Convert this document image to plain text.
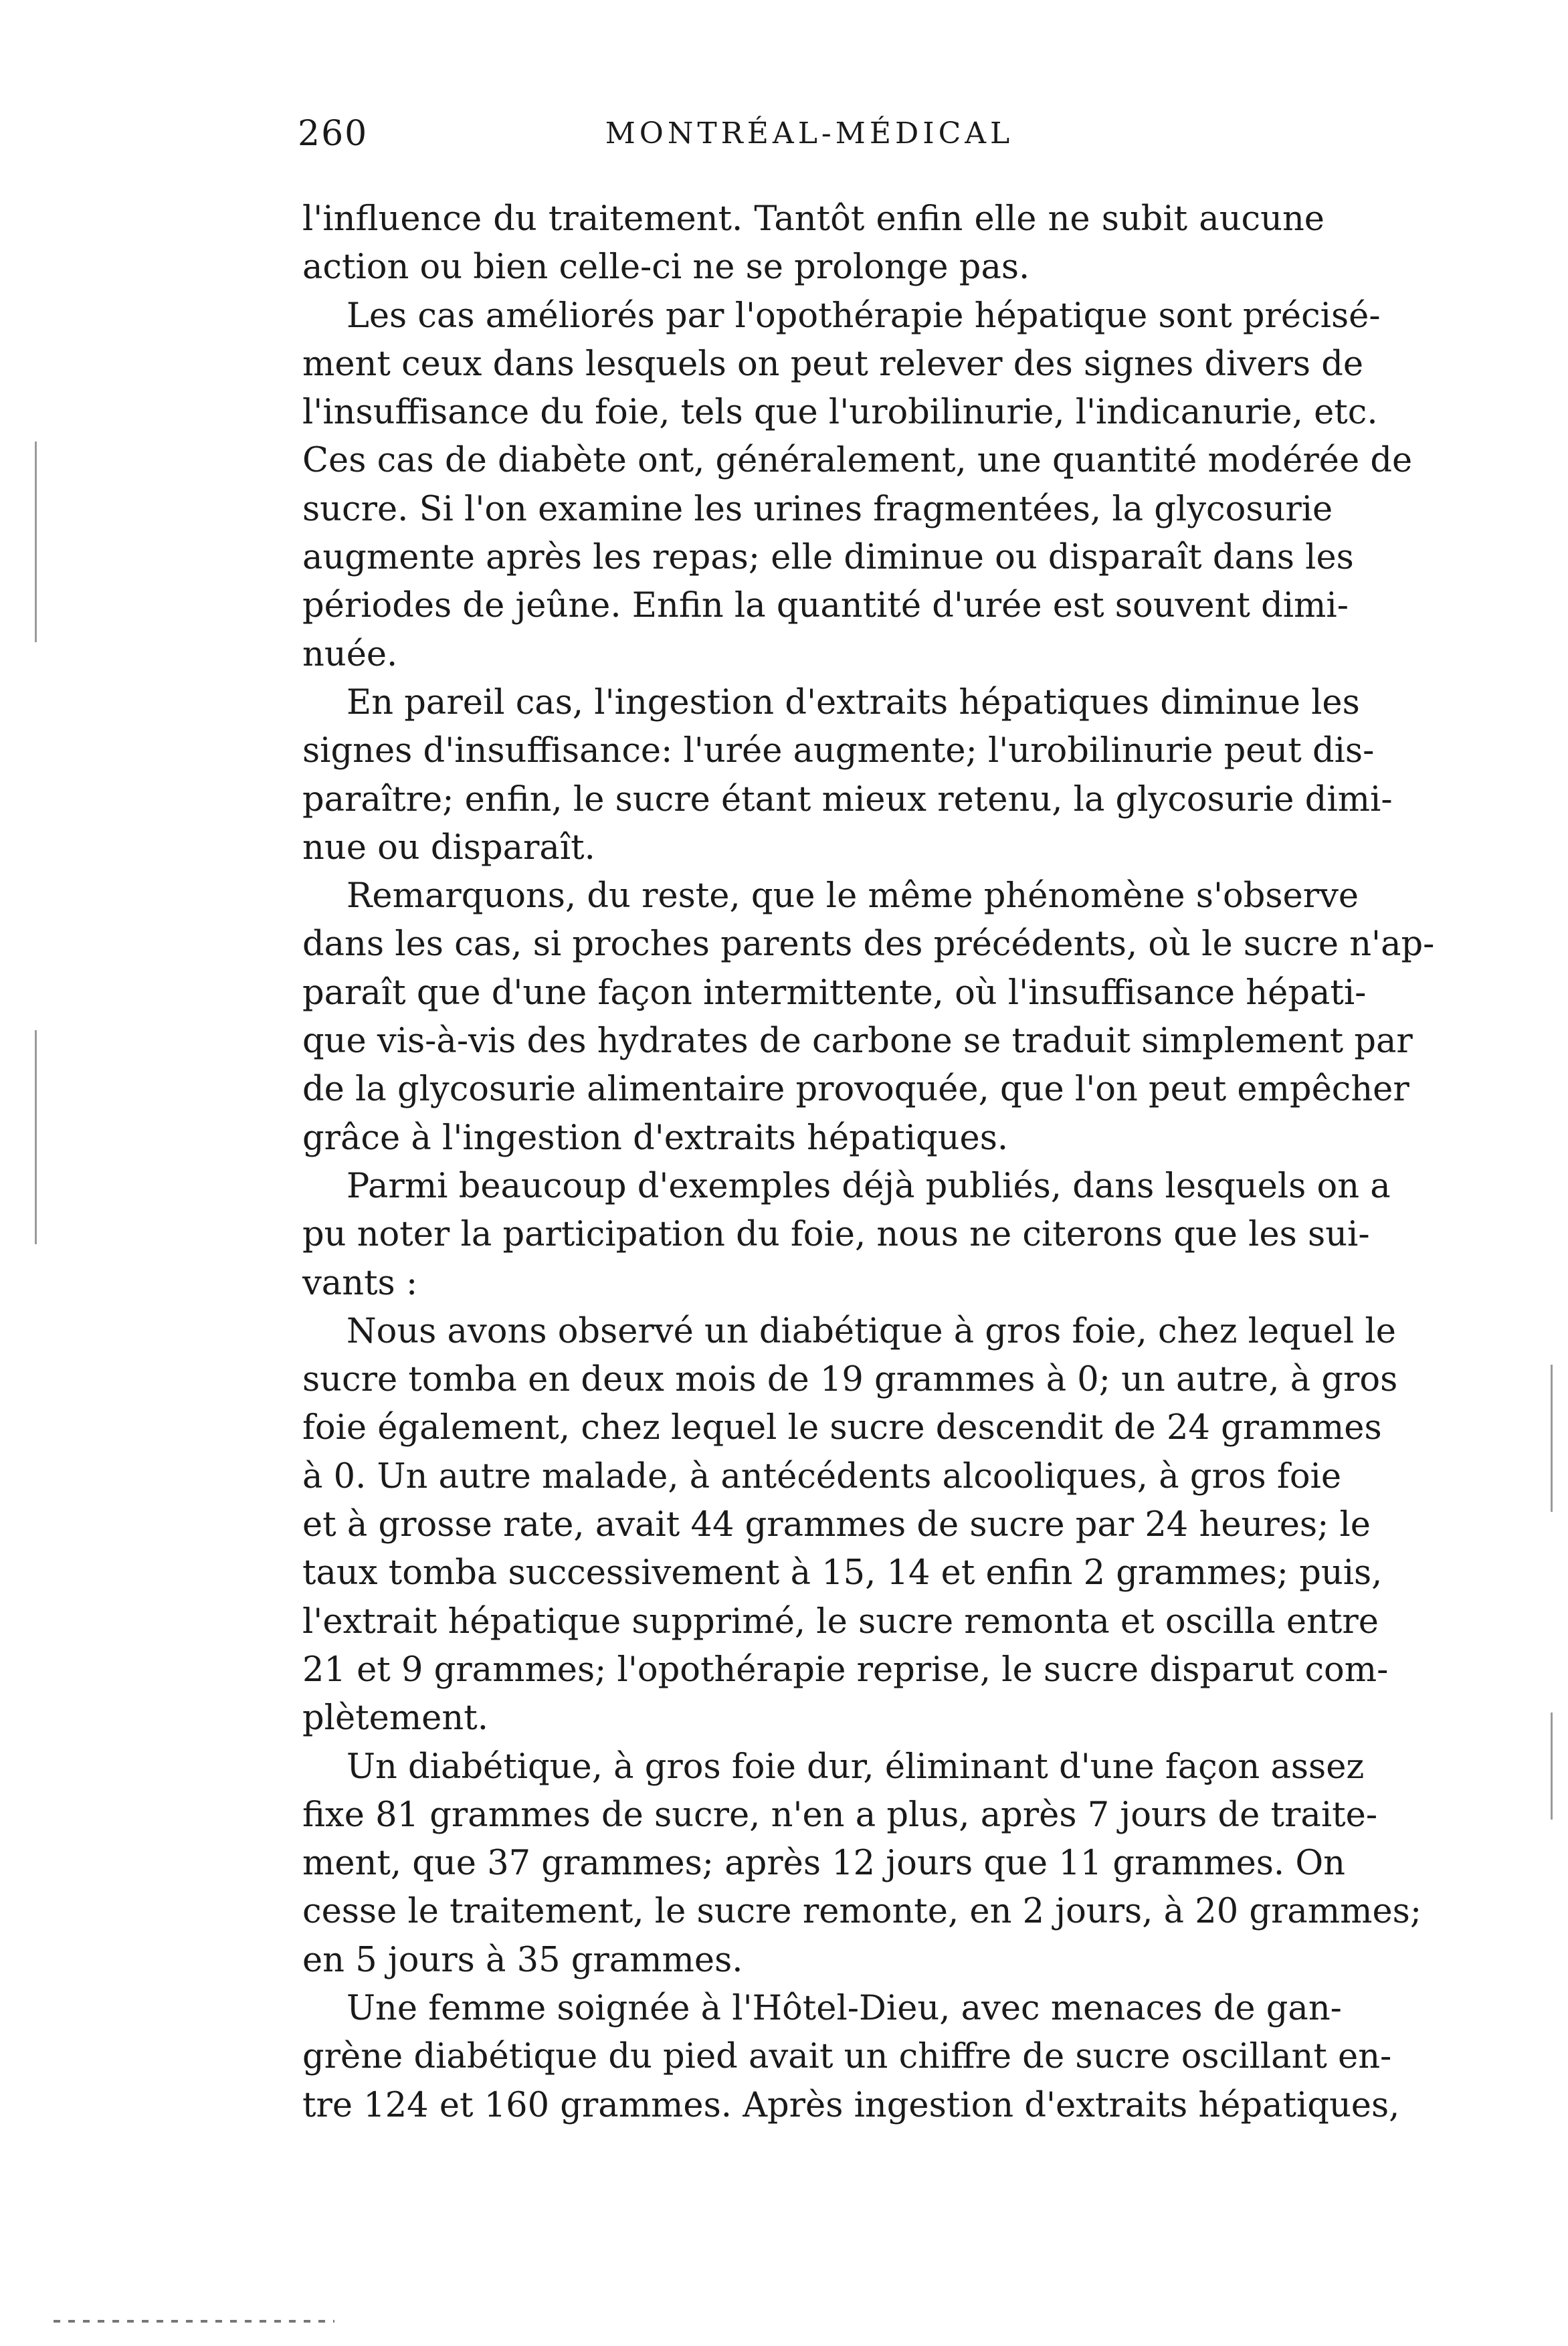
260	MONTRÉAL-MÉDICAL
l'influence du traitement. Tantôt enfin elle ne subit aucune
action ou bien celle-ci ne se prolonge pas.
Les cas améliorés par l'opothérapie hépatique sont précisé-
ment ceux dans lesquels on peut relever des signes divers de
l'insuffisance du foie, tels que l'urobilinurie, l'indicanurie, etc.
Ces cas de diabète ont, généralement, une quantité modérée de
sucre. Si l'on examine les urines fragmentées, la glycosurie
augmente après les repas; elle diminue ou disparaît dans les
périodes de jeûne. Enfin la quantité d'urée est souvent dimi-
nuée.
En pareil cas, l'ingestion d'extraits hépatiques diminue les
signes d'insuffisance: l'urée augmente; l'urobilinurie peut dis-
paraître; enfin, le sucre étant mieux retenu, la glycosurie dimi-
nue ou disparaît.
Remarquons, du reste, que le même phénomène s'observe
dans les cas, si proches parents des précédents, où le sucre n'ap-
paraît que d'une façon intermittente, où l'insuffisance hépati-
que vis-à-vis des hydrates de carbone se traduit simplement par
de la glycosurie alimentaire provoquée, que l'on peut empêcher
grâce à l'ingestion d'extraits hépatiques.
Parmi beaucoup d'exemples déjà publiés, dans lesquels on a
pu noter la participation du foie, nous ne citerons que les sui-
vants :
Nous avons observé un diabétique à gros foie, chez lequel le
sucre tomba en deux mois de 19 grammes à 0; un autre, à gros
foie également, chez lequel le sucre descendit de 24 grammes
à 0. Un autre malade, à antécédents alcooliques, à gros foie
et à grosse rate, avait 44 grammes de sucre par 24 heures; le
taux tomba successivement à 15, 14 et enfin 2 grammes; puis,
l'extrait hépatique supprimé, le sucre remonta et oscilla entre
21 et 9 grammes; l'opothérapie reprise, le sucre disparut com-
plètement.
Un diabétique, à gros foie dur, éliminant d'une façon assez
fixe 81 grammes de sucre, n'en a plus, après 7 jours de traite-
ment, que 37 grammes; après 12 jours que 11 grammes. On
cesse le traitement, le sucre remonte, en 2 jours, à 20 grammes;
en 5 jours à 35 grammes.
Une femme soignée à l'Hôtel-Dieu, avec menaces de gan-
grène diabétique du pied avait un chiffre de sucre oscillant en-
tre 124 et 160 grammes. Après ingestion d'extraits hépatiques,
